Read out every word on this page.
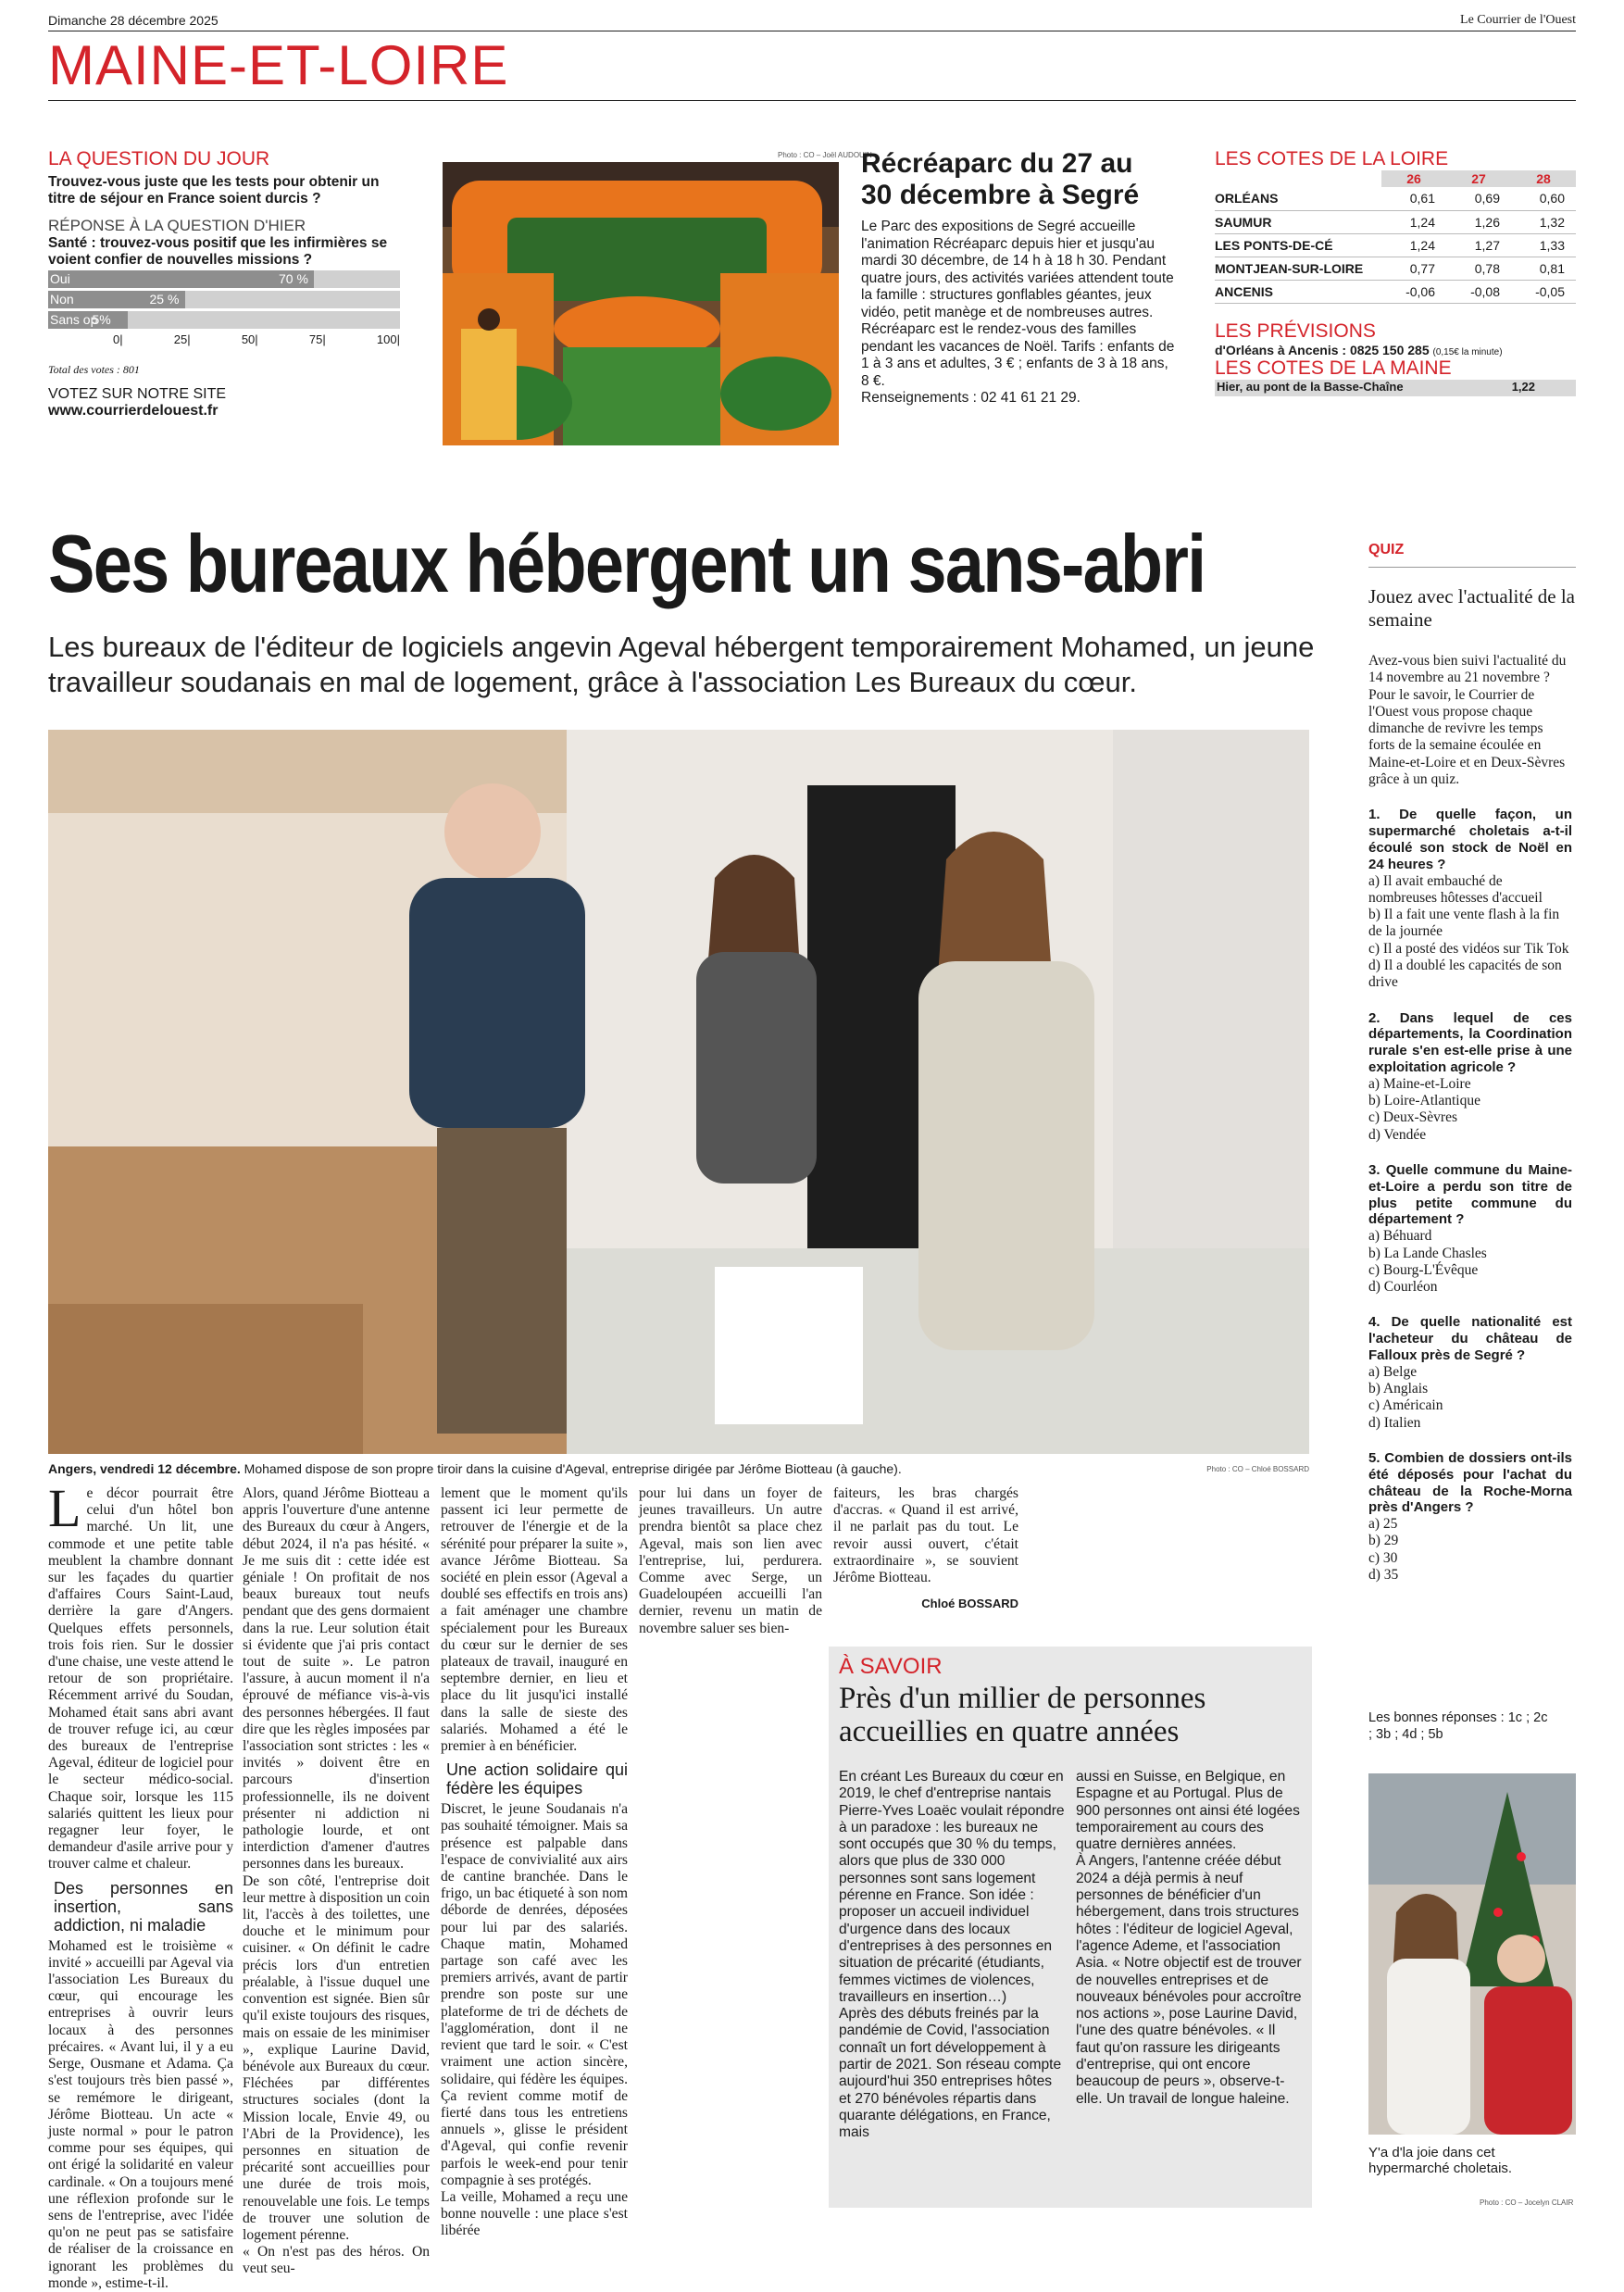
Dimanche 28 décembre 2025	Le Courrier de l'Ouest
MAINE-ET-LOIRE
LA QUESTION DU JOUR
Trouvez-vous juste que les tests pour obtenir un titre de séjour en France soient durcis ?
RÉPONSE À LA QUESTION D'HIER
Santé : trouvez-vous positif que les infirmières se voient confier de nouvelles missions ?
Oui	70 %
Non	25 %
Sans op
5%
0|	25|	50|	75|	100|
Total des votes : 801
VOTEZ SUR NOTRE SITE
www.courrierdelouest.fr
Photo : CO – Joël AUDOUIN
Récréaparc du 27 au 30 décembre à Segré
Le Parc des expositions de Segré accueille l'animation Récréaparc depuis hier et jusqu'au mardi 30 décembre, de 14 h à 18 h 30. Pendant quatre jours, des activités variées attendent toute la famille : structures gonflables géantes, jeux vidéo, petit manège et de nombreuses autres.
Récréaparc est le rendez-vous des familles pendant les vacances de Noël. Tarifs : enfants de 1 à 3 ans et adultes, 3 € ; enfants de 3 à 18 ans, 8 €.
Renseignements : 02 41 61 21 29.
LES COTES DE LA LOIRE
	26	27	28
ORLÉANS	0,61	0,69	0,60
SAUMUR	1,24	1,26	1,32
LES PONTS-DE-CÉ	1,24	1,27	1,33
MONTJEAN-SUR-LOIRE	0,77	0,78	0,81
ANCENIS	-0,06	-0,08	-0,05
LES PRÉVISIONS
d'Orléans à Ancenis : 0825 150 285 (0,15€ la minute)
LES COTES DE LA MAINE
Hier, au pont de la Basse-Chaîne	1,22
Ses bureaux hébergent un sans-abri
Les bureaux de l'éditeur de logiciels angevin Ageval hébergent temporairement Mohamed, un jeune travailleur soudanais en mal de logement, grâce à l'association Les Bureaux du cœur.
Angers, vendredi 12 décembre. Mohamed dispose de son propre tiroir dans la cuisine d'Ageval, entreprise dirigée par Jérôme Biotteau (à gauche).	Photo : CO – Chloé BOSSARD
Le décor pourrait être celui d'un hôtel bon marché. Un lit, une commode et une petite table meublent la chambre donnant sur les façades du quartier d'affaires Cours Saint-Laud, derrière la gare d'Angers. Quelques effets personnels, trois fois rien. Sur le dossier d'une chaise, une veste attend le retour de son propriétaire. Récemment arrivé du Soudan, Mohamed était sans abri avant de trouver refuge ici, au cœur des bureaux de l'entreprise Ageval, éditeur de logiciel pour le secteur médico-social. Chaque soir, lorsque les 115 salariés quittent les lieux pour regagner leur foyer, le demandeur d'asile arrive pour y trouver calme et chaleur.
Des personnes en insertion, sans addiction, ni maladie
Mohamed est le troisième « invité » accueilli par Ageval via l'association Les Bureaux du cœur, qui encourage les entreprises à ouvrir leurs locaux à des personnes précaires. « Avant lui, il y a eu Serge, Ousmane et Adama. Ça s'est toujours très bien passé », se remémore le dirigeant, Jérôme Biotteau. Un acte « juste normal » pour le patron comme pour ses équipes, qui ont érigé la solidarité en valeur cardinale. « On a toujours mené une réflexion profonde sur le sens de l'entreprise, avec l'idée qu'on ne peut pas se satisfaire de réaliser de la croissance en ignorant les problèmes du monde », estime-t-il.
Alors, quand Jérôme Biotteau a appris l'ouverture d'une antenne des Bureaux du cœur à Angers, début 2024, il n'a pas hésité. « Je me suis dit : cette idée est géniale ! On profitait de nos beaux bureaux tout neufs pendant que des gens dormaient dans la rue. Leur solution était si évidente que j'ai pris contact tout de suite ». Le patron l'assure, à aucun moment il n'a éprouvé de méfiance vis-à-vis des personnes hébergées. Il faut dire que les règles imposées par l'association sont strictes : les « invités » doivent être en parcours d'insertion professionnelle, ils ne doivent présenter ni addiction ni pathologie lourde, et ont interdiction d'amener d'autres personnes dans les bureaux.
De son côté, l'entreprise doit leur mettre à disposition un coin lit, l'accès à des toilettes, une douche et le minimum pour cuisiner. « On définit le cadre précis lors d'un entretien préalable, à l'issue duquel une convention est signée. Bien sûr qu'il existe toujours des risques, mais on essaie de les minimiser », explique Laurine David, bénévole aux Bureaux du cœur. Fléchées par différentes structures sociales (dont la Mission locale, Envie 49, ou l'Abri de la Providence), les personnes en situation de précarité sont accueillies pour une durée de trois mois, renouvelable une fois. Le temps de trouver une solution de logement pérenne.
« On n'est pas des héros. On veut seu-
lement que le moment qu'ils passent ici leur permette de retrouver de l'énergie et de la sérénité pour préparer la suite », avance Jérôme Biotteau. Sa société en plein essor (Ageval a doublé ses effectifs en trois ans) a fait aménager une chambre spécialement pour les Bureaux du cœur sur le dernier de ses plateaux de travail, inauguré en septembre dernier, en lieu et place du lit jusqu'ici installé dans la salle de sieste des salariés. Mohamed a été le premier à en bénéficier.
Une action solidaire qui fédère les équipes
Discret, le jeune Soudanais n'a pas souhaité témoigner. Mais sa présence est palpable dans l'espace de convivialité aux airs de cantine branchée. Dans le frigo, un bac étiqueté à son nom déborde de denrées, déposées pour lui par des salariés. Chaque matin, Mohamed partage son café avec les premiers arrivés, avant de partir prendre son poste sur une plateforme de tri de déchets de l'agglomération, dont il ne revient que tard le soir. « C'est vraiment une action sincère, solidaire, qui fédère les équipes. Ça revient comme motif de fierté dans tous les entretiens annuels », glisse le président d'Ageval, qui confie revenir parfois le week-end pour tenir compagnie à ses protégés.
La veille, Mohamed a reçu une bonne nouvelle : une place s'est libérée
pour lui dans un foyer de jeunes travailleurs. Un autre prendra bientôt sa place chez Ageval, mais son lien avec l'entreprise, lui, perdurera. Comme avec Serge, un Guadeloupéen accueilli l'an dernier, revenu un matin de novembre saluer ses bien-
faiteurs, les bras chargés d'accras. « Quand il est arrivé, il ne parlait pas du tout. Le revoir aussi ouvert, c'était extraordinaire », se souvient Jérôme Biotteau.
Chloé BOSSARD
À SAVOIR
Près d'un millier de personnes accueillies en quatre années
En créant Les Bureaux du cœur en 2019, le chef d'entreprise nantais Pierre-Yves Loaëc voulait répondre à un paradoxe : les bureaux ne sont occupés que 30 % du temps, alors que plus de 330 000 personnes sont sans logement pérenne en France. Son idée : proposer un accueil individuel d'urgence dans des locaux d'entreprises à des personnes en situation de précarité (étudiants, femmes victimes de violences, travailleurs en insertion…)
Après des débuts freinés par la pandémie de Covid, l'association connaît un fort développement à partir de 2021. Son réseau compte aujourd'hui 350 entreprises hôtes et 270 bénévoles répartis dans quarante délégations, en France, mais
aussi en Suisse, en Belgique, en Espagne et au Portugal. Plus de 900 personnes ont ainsi été logées temporairement au cours des quatre dernières années.
À Angers, l'antenne créée début 2024 a déjà permis à neuf personnes de bénéficier d'un hébergement, dans trois structures hôtes : l'éditeur de logiciel Ageval, l'agence Ademe, et l'association Asia. « Notre objectif est de trouver de nouvelles entreprises et de nouveaux bénévoles pour accroître nos actions », pose Laurine David, l'une des quatre bénévoles. « Il faut qu'on rassure les dirigeants d'entreprise, qui ont encore beaucoup de peurs », observe-t-elle. Un travail de longue haleine.
QUIZ
Jouez avec l'actualité de la semaine
Avez-vous bien suivi l'actualité du 14 novembre au 21 novembre ? Pour le savoir, le Courrier de l'Ouest vous propose chaque dimanche de revivre les temps forts de la semaine écoulée en Maine-et-Loire et en Deux-Sèvres grâce à un quiz.
1. De quelle façon, un supermarché choletais a-t-il écoulé son stock de Noël en 24 heures ?
a) Il avait embauché de nombreuses hôtesses d'accueil
b) Il a fait une vente flash à la fin de la journée
c) Il a posté des vidéos sur Tik Tok
d) Il a doublé les capacités de son drive
2. Dans lequel de ces départements, la Coordination rurale s'en est-elle prise à une exploitation agricole ?
a) Maine-et-Loire
b) Loire-Atlantique
c) Deux-Sèvres
d) Vendée
3. Quelle commune du Maine-et-Loire a perdu son titre de plus petite commune du département ?
a) Béhuard
b) La Lande Chasles
c) Bourg-L'Évêque
d) Courléon
4. De quelle nationalité est l'acheteur du château de Falloux près de Segré ?
a) Belge
b) Anglais
c) Américain
d) Italien
5. Combien de dossiers ont-ils été déposés pour l'achat du château de la Roche-Morna près d'Angers ?
a) 25
b) 29
c) 30
d) 35
Les bonnes réponses : 1c ; 2c ; 3b ; 4d ; 5b
Y'a d'la joie dans cet hypermarché choletais.
Photo : CO – Jocelyn CLAIR
